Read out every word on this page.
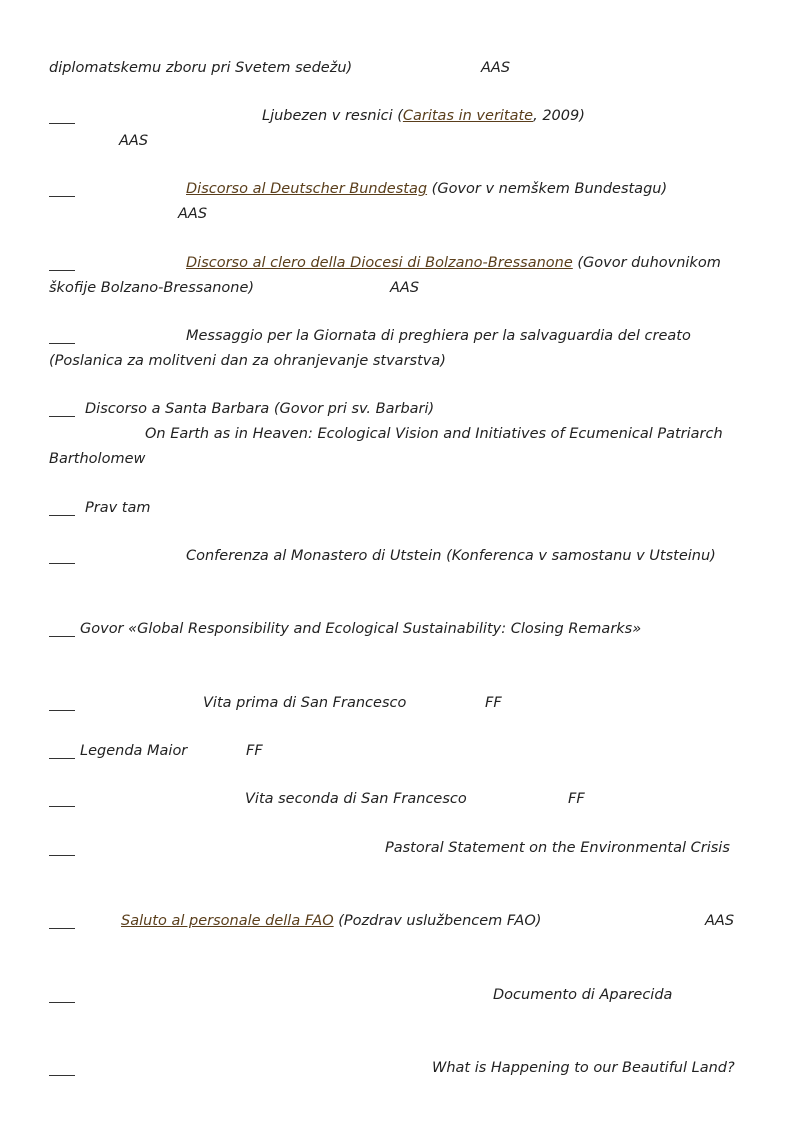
diplomatskemu zboru pri Svetem sedežu)	AAS
Ljubezen v resnici (Caritas in veritate, 2009)
AAS
Discorso al Deutscher Bundestag (Govor v nemškem Bundestagu)
AAS
Discorso al clero della Diocesi di Bolzano-Bressanone (Govor duhovnikom
škofije Bolzano-Bressanone)	AAS
Messaggio per la Giornata di preghiera per la salvaguardia del creato
(Poslanica za molitveni dan za ohranjevanje stvarstva)
Discorso a Santa Barbara (Govor pri sv. Barbari)
On Earth as in Heaven: Ecological Vision and Initiatives of Ecumenical Patriarch
Bartholomew
Prav tam
Conferenza al Monastero di Utstein (Konferenca v samostanu v Utsteinu)
Govor «Global Responsibility and Ecological Sustainability: Closing Remarks»
Vita prima di San Francesco	FF
Legenda Maior	FF
Vita seconda di San Francesco	FF
Pastoral Statement on the Environmental Crisis
Saluto al personale della FAO (Pozdrav uslužbencem FAO)	AAS
Documento di Aparecida
What is Happening to our Beautiful Land?
